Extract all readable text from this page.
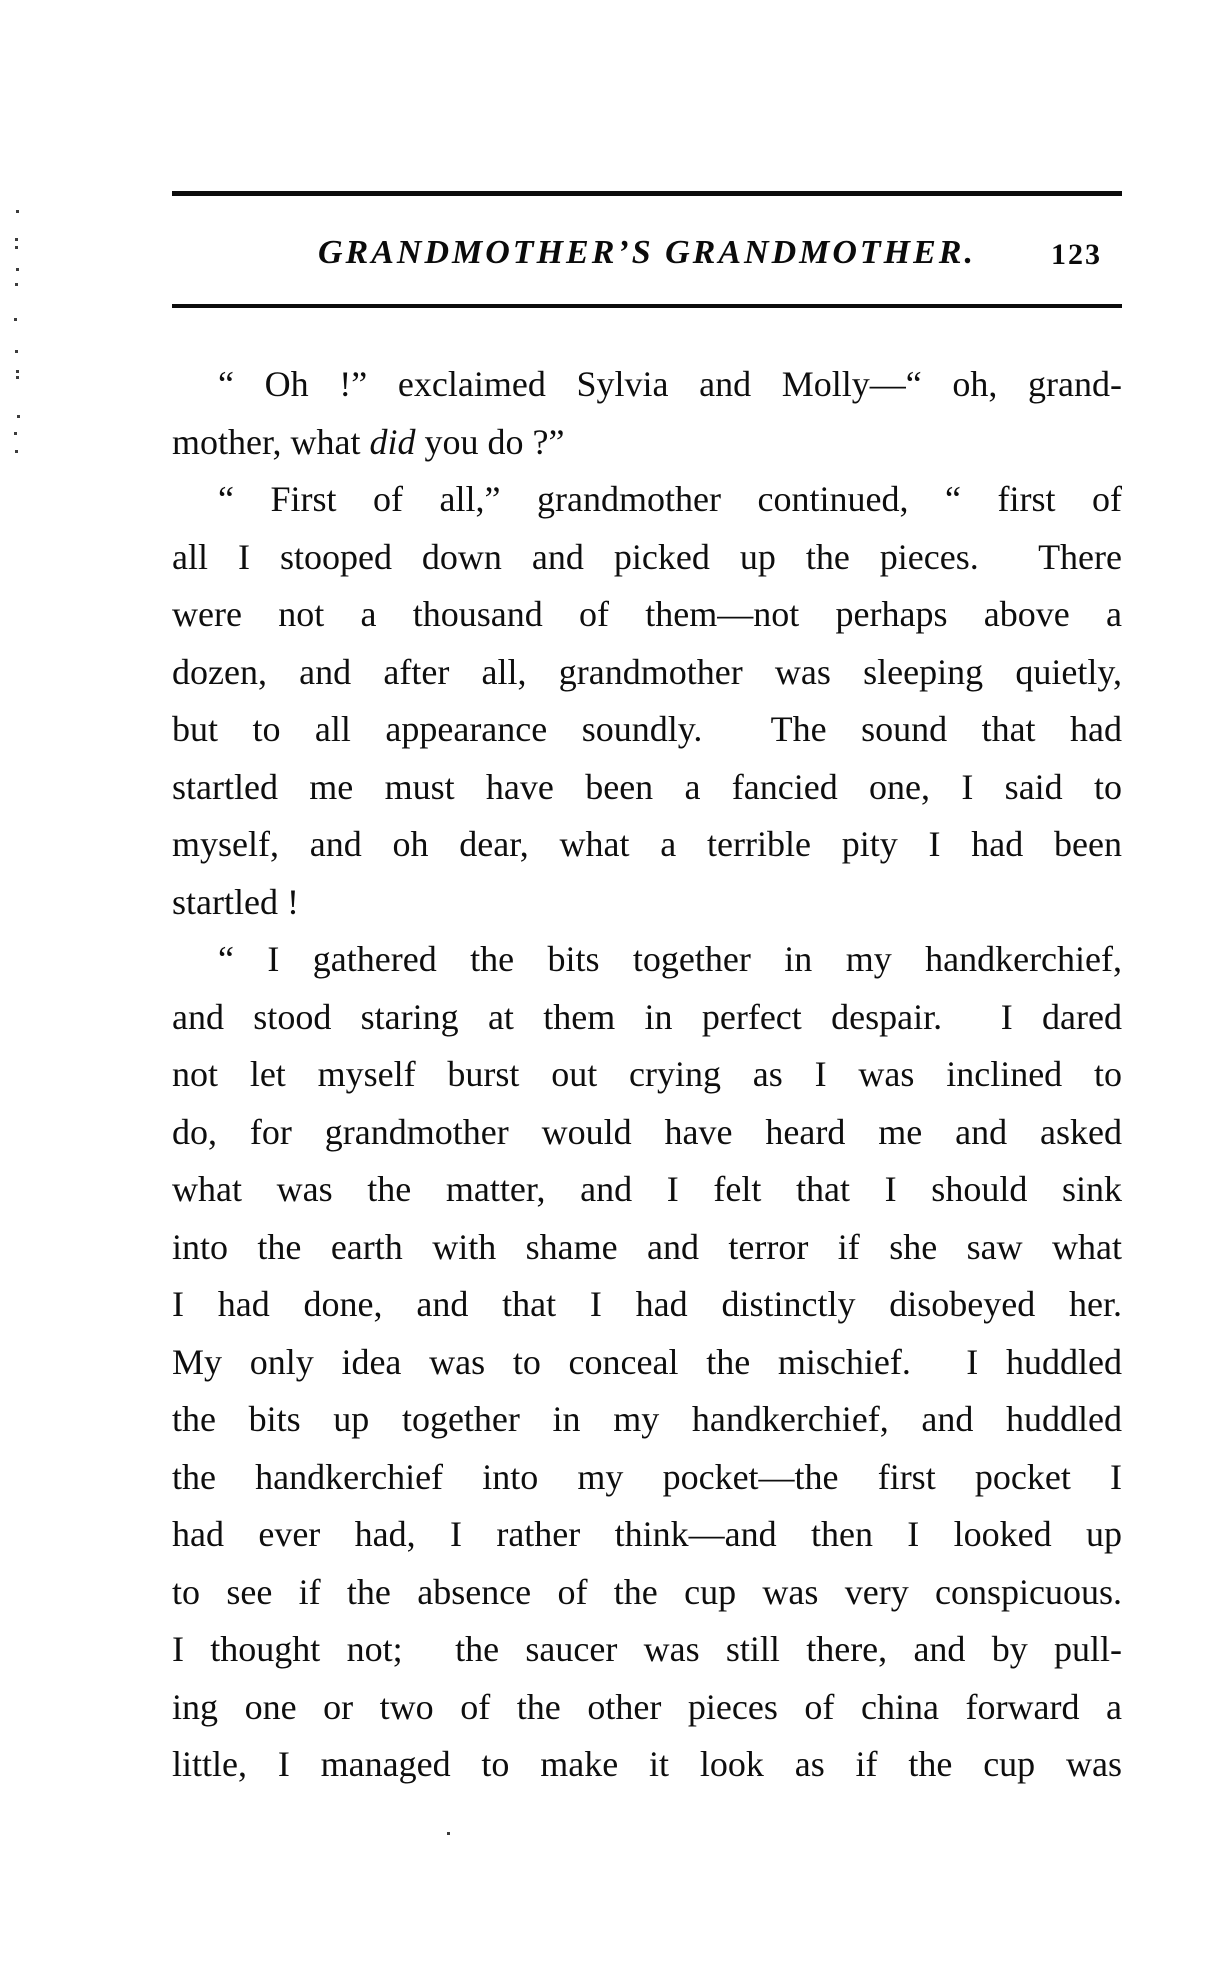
GRANDMOTHER’S GRANDMOTHER.	123
“ Oh !” exclaimed Sylvia and Molly—“ oh, grand-
mother, what did you do ?”
“ First of all,” grandmother continued, “ first of
all I stooped down and picked up the pieces.  There
were not a thousand of them—not perhaps above a
dozen, and after all, grandmother was sleeping quietly,
but to all appearance soundly.  The sound that had
startled me must have been a fancied one, I said to
myself, and oh dear, what a terrible pity I had been
startled !
“ I gathered the bits together in my handkerchief,
and stood staring at them in perfect despair.  I dared
not let myself burst out crying as I was inclined to
do, for grandmother would have heard me and asked
what was the matter, and I felt that I should sink
into the earth with shame and terror if she saw what
I had done, and that I had distinctly disobeyed her.
My only idea was to conceal the mischief.  I huddled
the bits up together in my handkerchief, and huddled
the handkerchief into my pocket—the first pocket I
had ever had, I rather think—and then I looked up
to see if the absence of the cup was very conspicuous.
I thought not;  the saucer was still there, and by pull-
ing one or two of the other pieces of china forward a
little, I managed to make it look as if the cup was
